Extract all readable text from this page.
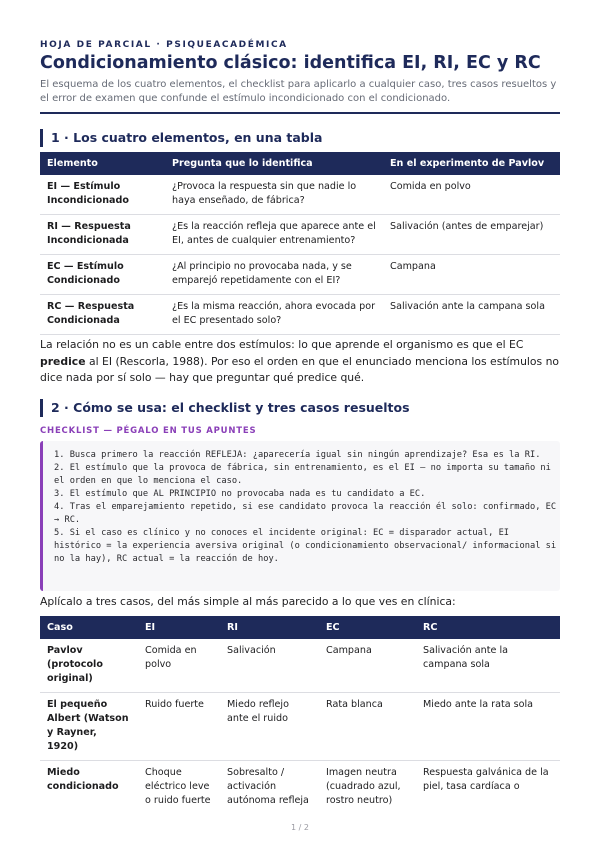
HOJA DE PARCIAL · PSIQUEACADÉMICA
Condicionamiento clásico: identifica EI, RI, EC y RC
El esquema de los cuatro elementos, el checklist para aplicarlo a cualquier caso, tres casos resueltos y el error de examen que confunde el estímulo incondicionado con el condicionado.
1 · Los cuatro elementos, en una tabla
Elemento	Pregunta que lo identifica	En el experimento de Pavlov
EI — Estímulo Incondicionado	¿Provoca la respuesta sin que nadie lo haya enseñado, de fábrica?	Comida en polvo
RI — Respuesta Incondicionada	¿Es la reacción refleja que aparece ante el EI, antes de cualquier entrenamiento?	Salivación (antes de emparejar)
EC — Estímulo Condicionado	¿Al principio no provocaba nada, y se emparejó repetidamente con el EI?	Campana
RC — Respuesta Condicionada	¿Es la misma reacción, ahora evocada por el EC presentado solo?	Salivación ante la campana sola
La relación no es un cable entre dos estímulos: lo que aprende el organismo es que el EC predice al EI (Rescorla, 1988). Por eso el orden en que el enunciado menciona los estímulos no dice nada por sí solo — hay que preguntar qué predice qué.
2 · Cómo se usa: el checklist y tres casos resueltos
CHECKLIST — PÉGALO EN TUS APUNTES
1. Busca primero la reacción REFLEJA: ¿aparecería igual sin ningún aprendizaje? Esa es la RI.
2. El estímulo que la provoca de fábrica, sin entrenamiento, es el EI — no importa su tamaño ni el orden en que lo menciona el caso.
3. El estímulo que AL PRINCIPIO no provocaba nada es tu candidato a EC.
4. Tras el emparejamiento repetido, si ese candidato provoca la reacción él solo: confirmado, EC → RC.
5. Si el caso es clínico y no conoces el incidente original: EC = disparador actual, EI histórico = la experiencia aversiva original (o condicionamiento observacional/ informacional si no la hay), RC actual = la reacción de hoy.
Aplícalo a tres casos, del más simple al más parecido a lo que ves en clínica:
Caso	EI	RI	EC	RC
Pavlov (protocolo original)	Comida en polvo	Salivación	Campana	Salivación ante la campana sola
El pequeño Albert (Watson y Rayner, 1920)	Ruido fuerte	Miedo reflejo ante el ruido	Rata blanca	Miedo ante la rata sola
Miedo condicionado	Choque eléctrico leve o ruido fuerte	Sobresalto / activación autónoma refleja	Imagen neutra (cuadrado azul, rostro neutro)	Respuesta galvánica de la piel, tasa cardíaca o
1 / 2
